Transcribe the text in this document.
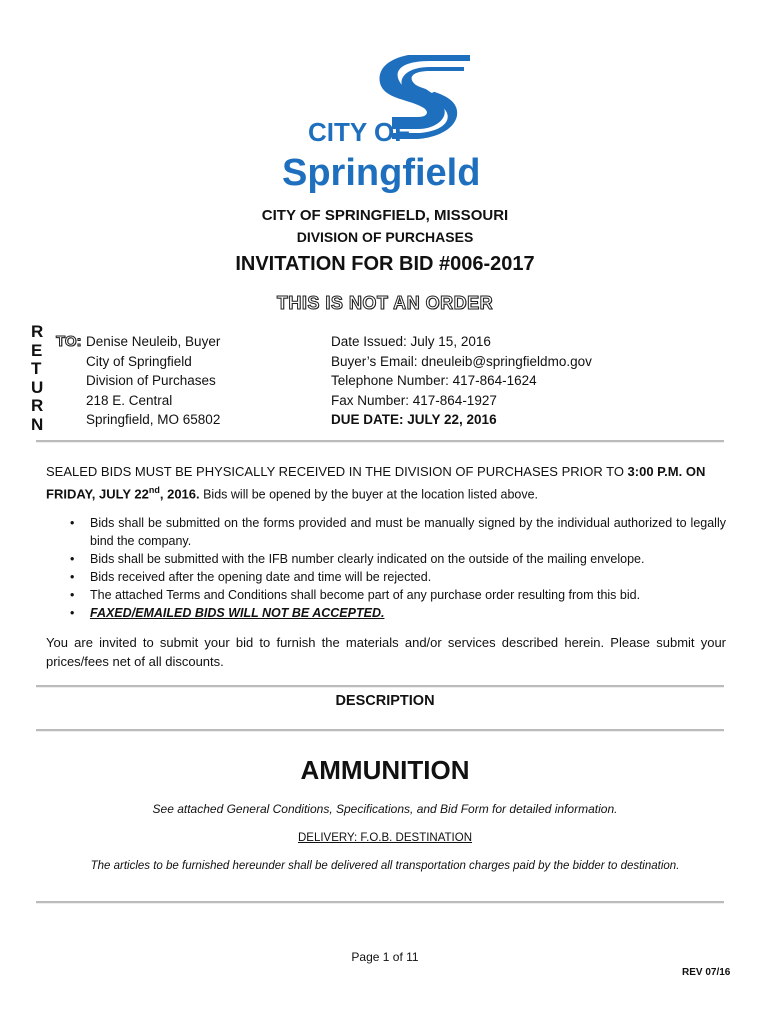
CITY OF
Springfield
CITY OF SPRINGFIELD, MISSOURI
DIVISION OF PURCHASES
INVITATION FOR BID #006-2017
THIS IS NOT AN ORDER
R
E
T
U
R
N
TO: Denise Neuleib, Buyer
City of Springfield
Division of Purchases
218 E. Central
Springfield, MO 65802
Date Issued: July 15, 2016
Buyer’s Email: dneuleib@springfieldmo.gov
Telephone Number: 417-864-1624
Fax Number: 417-864-1927
DUE DATE: JULY 22, 2016
SEALED BIDS MUST BE PHYSICALLY RECEIVED IN THE DIVISION OF PURCHASES PRIOR TO 3:00 P.M. ON FRIDAY, JULY 22nd, 2016. Bids will be opened by the buyer at the location listed above.
• Bids shall be submitted on the forms provided and must be manually signed by the individual authorized to legally bind the company.
• Bids shall be submitted with the IFB number clearly indicated on the outside of the mailing envelope.
• Bids received after the opening date and time will be rejected.
• The attached Terms and Conditions shall become part of any purchase order resulting from this bid.
• FAXED/EMAILED BIDS WILL NOT BE ACCEPTED.
You are invited to submit your bid to furnish the materials and/or services described herein. Please submit your prices/fees net of all discounts.
DESCRIPTION
AMMUNITION
See attached General Conditions, Specifications, and Bid Form for detailed information.
DELIVERY: F.O.B. DESTINATION
The articles to be furnished hereunder shall be delivered all transportation charges paid by the bidder to destination.
Page 1 of 11
REV 07/16
